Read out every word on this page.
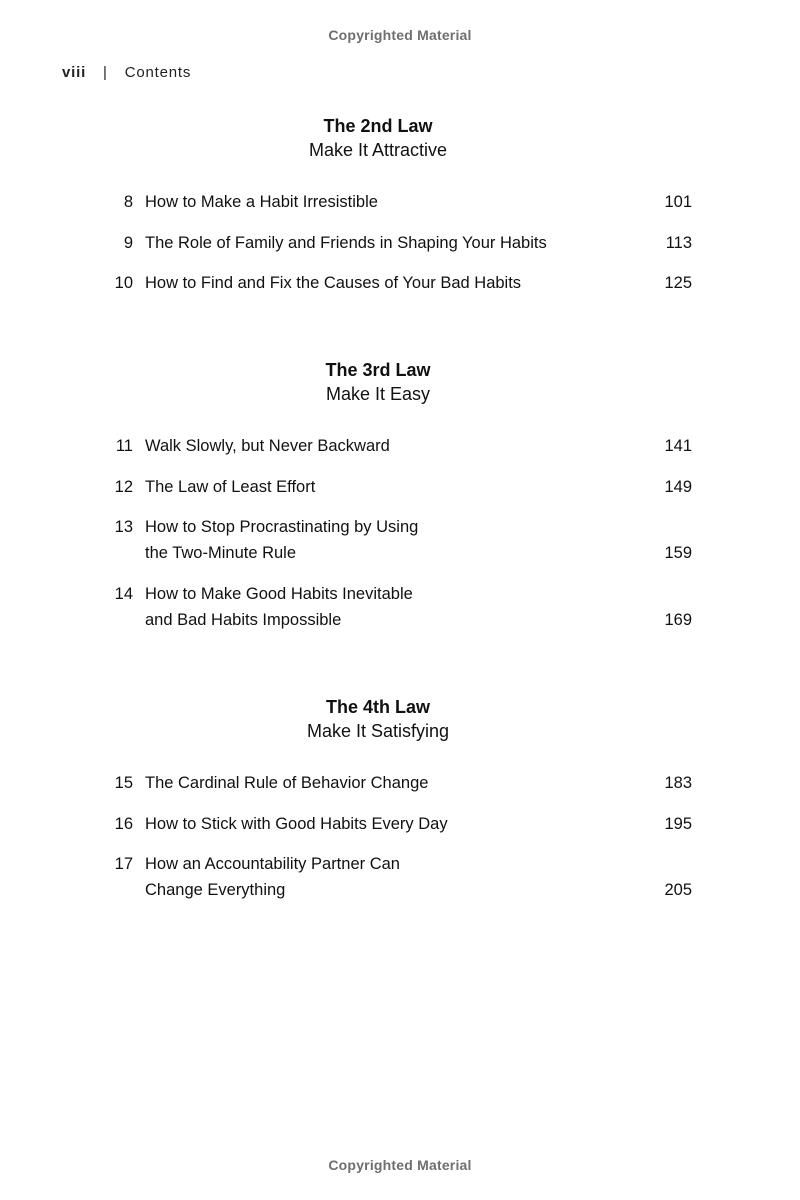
Copyrighted Material
viii | Contents
The 2nd Law
Make It Attractive
8 How to Make a Habit Irresistible	101
9 The Role of Family and Friends in Shaping Your Habits	113
10 How to Find and Fix the Causes of Your Bad Habits	125
The 3rd Law
Make It Easy
11 Walk Slowly, but Never Backward	141
12 The Law of Least Effort	149
13 How to Stop Procrastinating by Using
the Two-Minute Rule	159
14 How to Make Good Habits Inevitable
and Bad Habits Impossible	169
The 4th Law
Make It Satisfying
15 The Cardinal Rule of Behavior Change	183
16 How to Stick with Good Habits Every Day	195
17 How an Accountability Partner Can
Change Everything	205
Copyrighted Material
